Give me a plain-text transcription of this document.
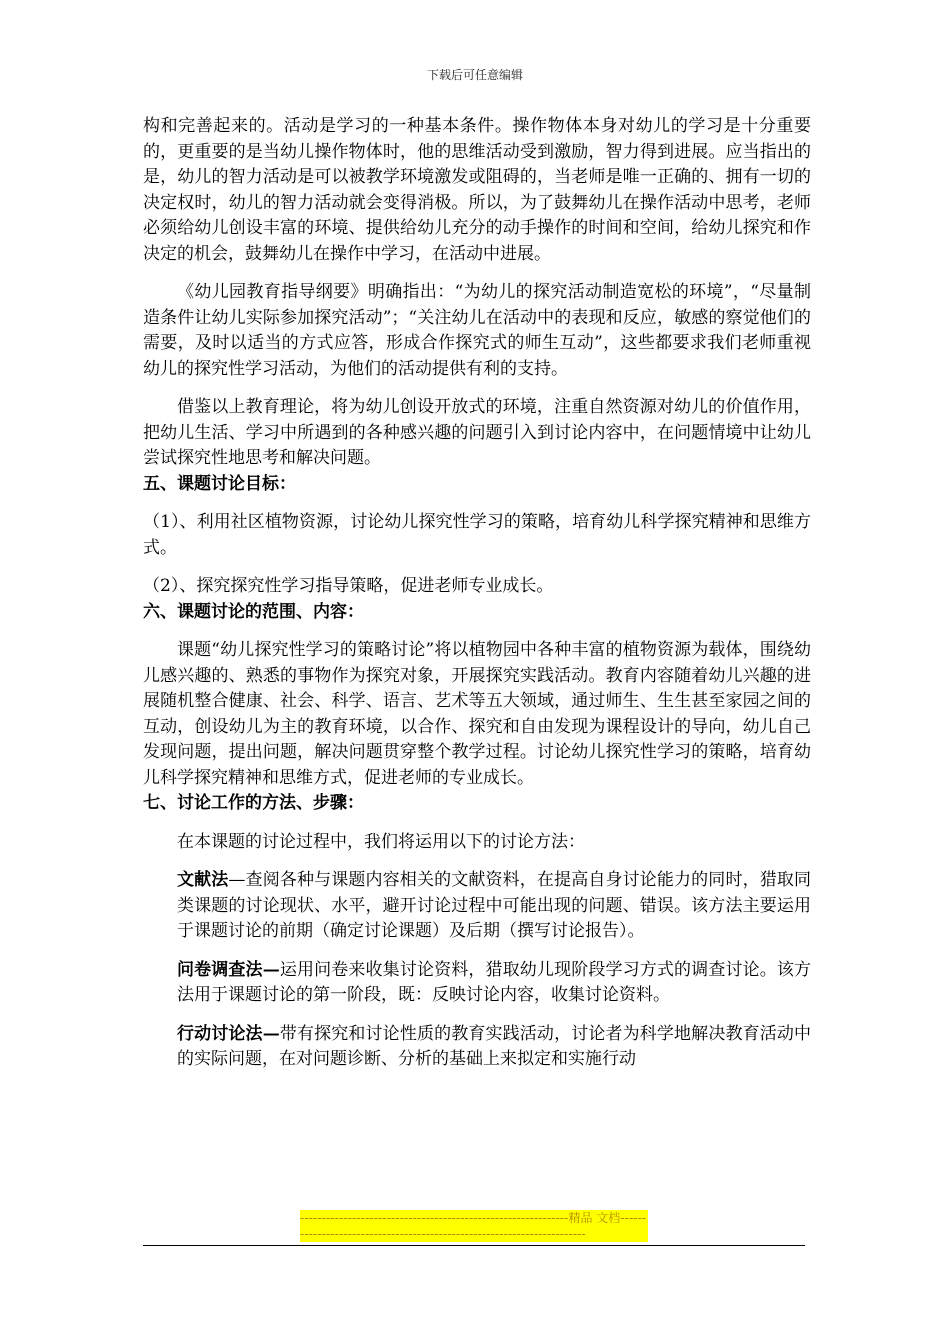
下载后可任意编辑

构和完善起来的。活动是学习的一种基本条件。操作物体本身对幼儿的学习是十分重要的，更重要的是当幼儿操作物体时，他的思维活动受到激励，智力得到进展。应当指出的是，幼儿的智力活动是可以被教学环境激发或阻碍的，当老师是唯一正确的、拥有一切的决定权时，幼儿的智力活动就会变得消极。所以，为了鼓舞幼儿在操作活动中思考，老师必须给幼儿创设丰富的环境、提供给幼儿充分的动手操作的时间和空间，给幼儿探究和作决定的机会，鼓舞幼儿在操作中学习，在活动中进展。

《幼儿园教育指导纲要》明确指出：“为幼儿的探究活动制造宽松的环境”，“尽量制造条件让幼儿实际参加探究活动”；“关注幼儿在活动中的表现和反应，敏感的察觉他们的需要，及时以适当的方式应答，形成合作探究式的师生互动”，这些都要求我们老师重视幼儿的探究性学习活动，为他们的活动提供有利的支持。

借鉴以上教育理论，将为幼儿创设开放式的环境，注重自然资源对幼儿的价值作用，把幼儿生活、学习中所遇到的各种感兴趣的问题引入到讨论内容中，在问题情境中让幼儿尝试探究性地思考和解决问题。

五、课题讨论目标：

（1）、利用社区植物资源，讨论幼儿探究性学习的策略，培育幼儿科学探究精神和思维方式。

（2）、探究探究性学习指导策略，促进老师专业成长。

六、课题讨论的范围、内容：

课题“幼儿探究性学习的策略讨论”将以植物园中各种丰富的植物资源为载体，围绕幼儿感兴趣的、熟悉的事物作为探究对象，开展探究实践活动。教育内容随着幼儿兴趣的进展随机整合健康、社会、科学、语言、艺术等五大领域，通过师生、生生甚至家园之间的互动，创设幼儿为主的教育环境，以合作、探究和自由发现为课程设计的导向，幼儿自己发现问题，提出问题，解决问题贯穿整个教学过程。讨论幼儿探究性学习的策略，培育幼儿科学探究精神和思维方式，促进老师的专业成长。

七、讨论工作的方法、步骤：

在本课题的讨论过程中，我们将运用以下的讨论方法：

文献法—查阅各种与课题内容相关的文献资料，在提高自身讨论能力的同时，猎取同类课题的讨论现状、水平，避开讨论过程中可能出现的问题、错误。该方法主要运用于课题讨论的前期（确定讨论课题）及后期（撰写讨论报告）。

问卷调查法—运用问卷来收集讨论资料，猎取幼儿现阶段学习方式的调查讨论。该方法用于课题讨论的第一阶段，既：反映讨论内容，收集讨论资料。

行动讨论法—带有探究和讨论性质的教育实践活动，讨论者为科学地解决教育活动中的实际问题，在对问题诊断、分析的基础上来拟定和实施行动

--------------------------------------------------------------精品 文档------------------------------------------------------------------------
